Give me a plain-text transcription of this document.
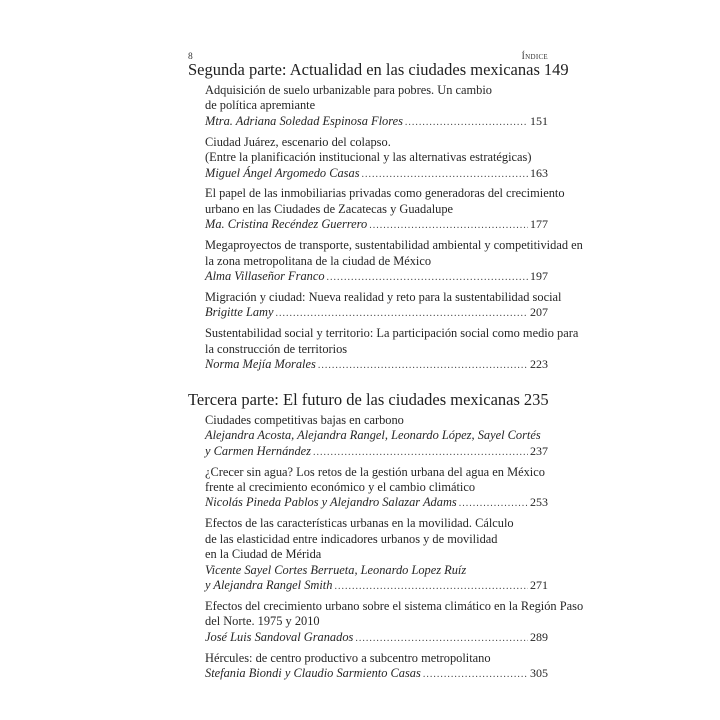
8	Índice
Segunda parte: Actualidad en las ciudades mexicanas 149
Adquisición de suelo urbanizable para pobres. Un cambio
de política apremiante
Mtra. Adriana Soledad Espinosa Flores .....	151
Ciudad Juárez, escenario del colapso.
(Entre la planificación institucional y las alternativas estratégicas)
Miguel Ángel Argomedo Casas .....	163
El papel de las inmobiliarias privadas como generadoras del crecimiento
urbano en las Ciudades de Zacatecas y Guadalupe
Ma. Cristina Recéndez Guerrero .....	177
Megaproyectos de transporte, sustentabilidad ambiental y competitividad en
la zona metropolitana de la ciudad de México
Alma Villaseñor Franco .....	197
Migración y ciudad: Nueva realidad y reto para la sustentabilidad social
Brigitte Lamy .....	207
Sustentabilidad social y territorio: La participación social como medio para
la construcción de territorios
Norma Mejía Morales .....	223
Tercera parte: El futuro de las ciudades mexicanas 235
Ciudades competitivas bajas en carbono
Alejandra Acosta, Alejandra Rangel, Leonardo López, Sayel Cortés
y Carmen Hernández .....	237
¿Crecer sin agua? Los retos de la gestión urbana del agua en México
frente al crecimiento económico y el cambio climático
Nicolás Pineda Pablos y Alejandro Salazar Adams .....	253
Efectos de las características urbanas en la movilidad. Cálculo
de las elasticidad entre indicadores urbanos y de movilidad
en la Ciudad de Mérida
Vicente Sayel Cortes Berrueta, Leonardo Lopez Ruíz
y Alejandra Rangel Smith .....	271
Efectos del crecimiento urbano sobre el sistema climático en la Región Paso
del Norte. 1975 y 2010
José Luis Sandoval Granados .....	289
Hércules: de centro productivo a subcentro metropolitano
Stefania Biondi y Claudio Sarmiento Casas .....	305
